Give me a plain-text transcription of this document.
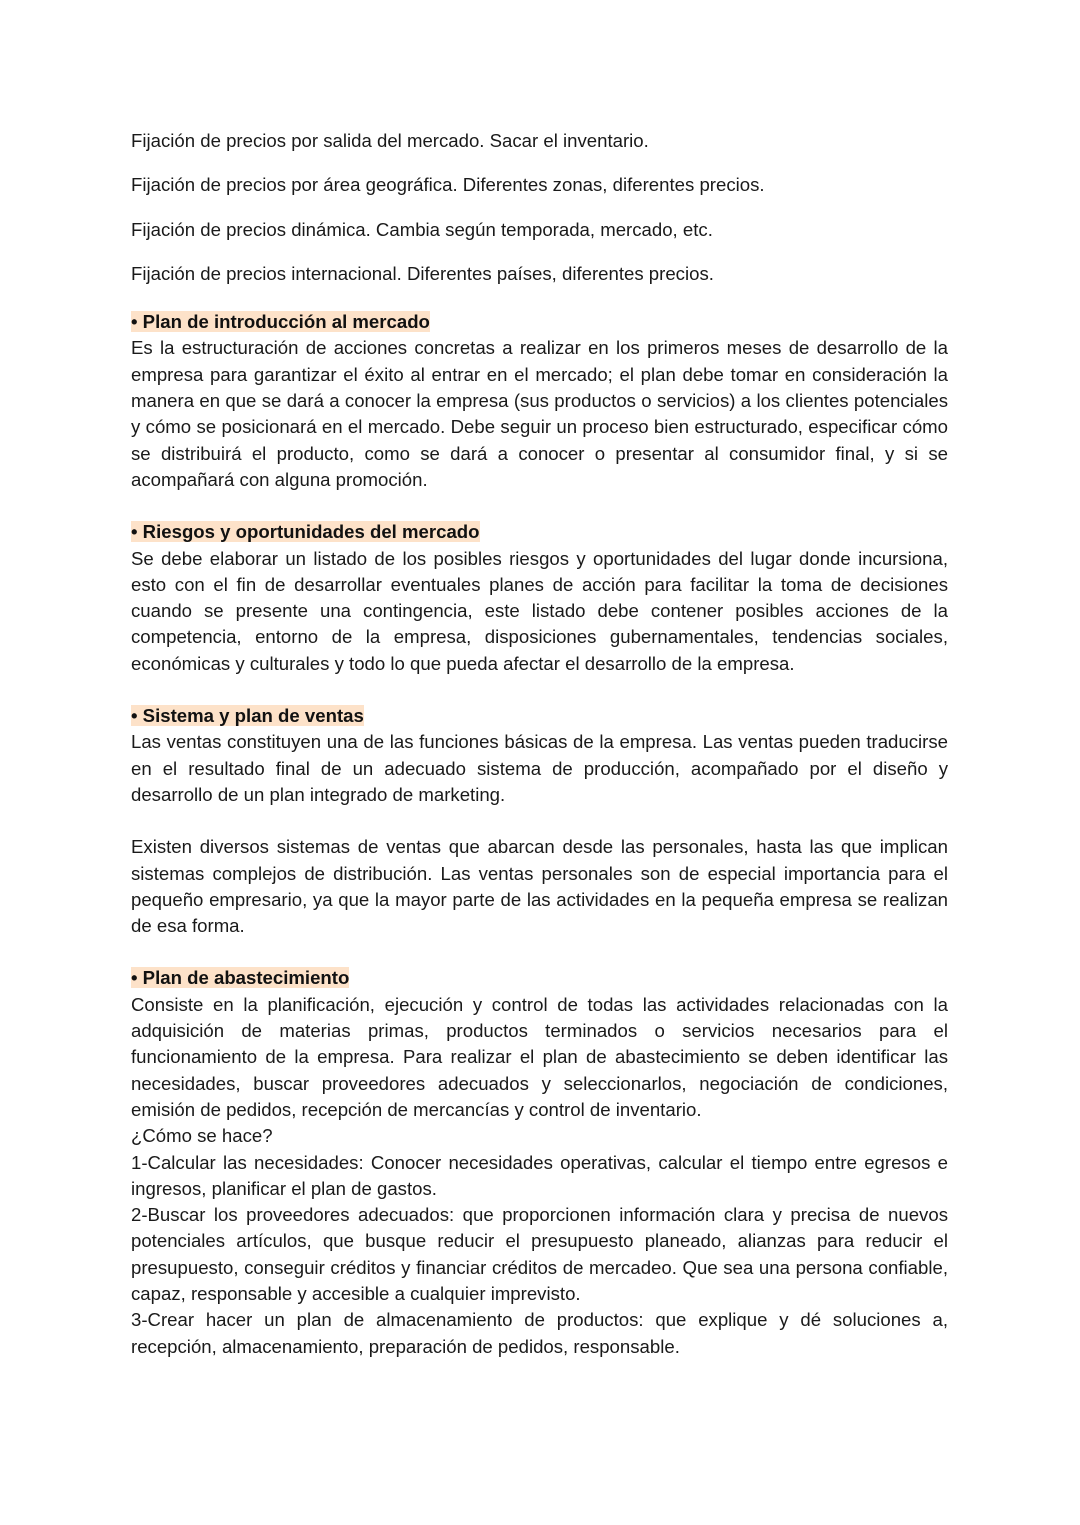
Fijación de precios por salida del mercado. Sacar el inventario.

Fijación de precios por área geográfica. Diferentes zonas, diferentes precios.

Fijación de precios dinámica. Cambia según temporada, mercado, etc.

Fijación de precios internacional. Diferentes países, diferentes precios.

• Plan de introducción al mercado

Es la estructuración de acciones concretas a realizar en los primeros meses de desarrollo de la empresa para garantizar el éxito al entrar en el mercado; el plan debe tomar en consideración la manera en que se dará a conocer la empresa (sus productos o servicios) a los clientes potenciales y cómo se posicionará en el mercado. Debe seguir un proceso bien estructurado, especificar cómo se distribuirá el producto, como se dará a conocer o presentar al consumidor final, y si se acompañará con alguna promoción.

• Riesgos y oportunidades del mercado

Se debe elaborar un listado de los posibles riesgos y oportunidades del lugar donde incursiona, esto con el fin de desarrollar eventuales planes de acción para facilitar la toma de decisiones cuando se presente una contingencia, este listado debe contener posibles acciones de la competencia, entorno de la empresa, disposiciones gubernamentales, tendencias sociales, económicas y culturales y todo lo que pueda afectar el desarrollo de la empresa.

• Sistema y plan de ventas

Las ventas constituyen una de las funciones básicas de la empresa. Las ventas pueden traducirse en el resultado final de un adecuado sistema de producción, acompañado por el diseño y desarrollo de un plan integrado de marketing.

Existen diversos sistemas de ventas que abarcan desde las personales, hasta las que implican sistemas complejos de distribución. Las ventas personales son de especial importancia para el pequeño empresario, ya que la mayor parte de las actividades en la pequeña empresa se realizan de esa forma.

• Plan de abastecimiento

Consiste en la planificación, ejecución y control de todas las actividades relacionadas con la adquisición de materias primas, productos terminados o servicios necesarios para el funcionamiento de la empresa. Para realizar el plan de abastecimiento se deben identificar las necesidades, buscar proveedores adecuados y seleccionarlos, negociación de condiciones, emisión de pedidos, recepción de mercancías y control de inventario.

¿Cómo se hace?

1-Calcular las necesidades: Conocer necesidades operativas, calcular el tiempo entre egresos e ingresos, planificar el plan de gastos.

2-Buscar los proveedores adecuados: que proporcionen información clara y precisa de nuevos potenciales artículos, que busque reducir el presupuesto planeado, alianzas para reducir el presupuesto, conseguir créditos y financiar créditos de mercadeo. Que sea una persona confiable, capaz, responsable y accesible a cualquier imprevisto.

3-Crear hacer un plan de almacenamiento de productos: que explique y dé soluciones a, recepción, almacenamiento, preparación de pedidos, responsable.
